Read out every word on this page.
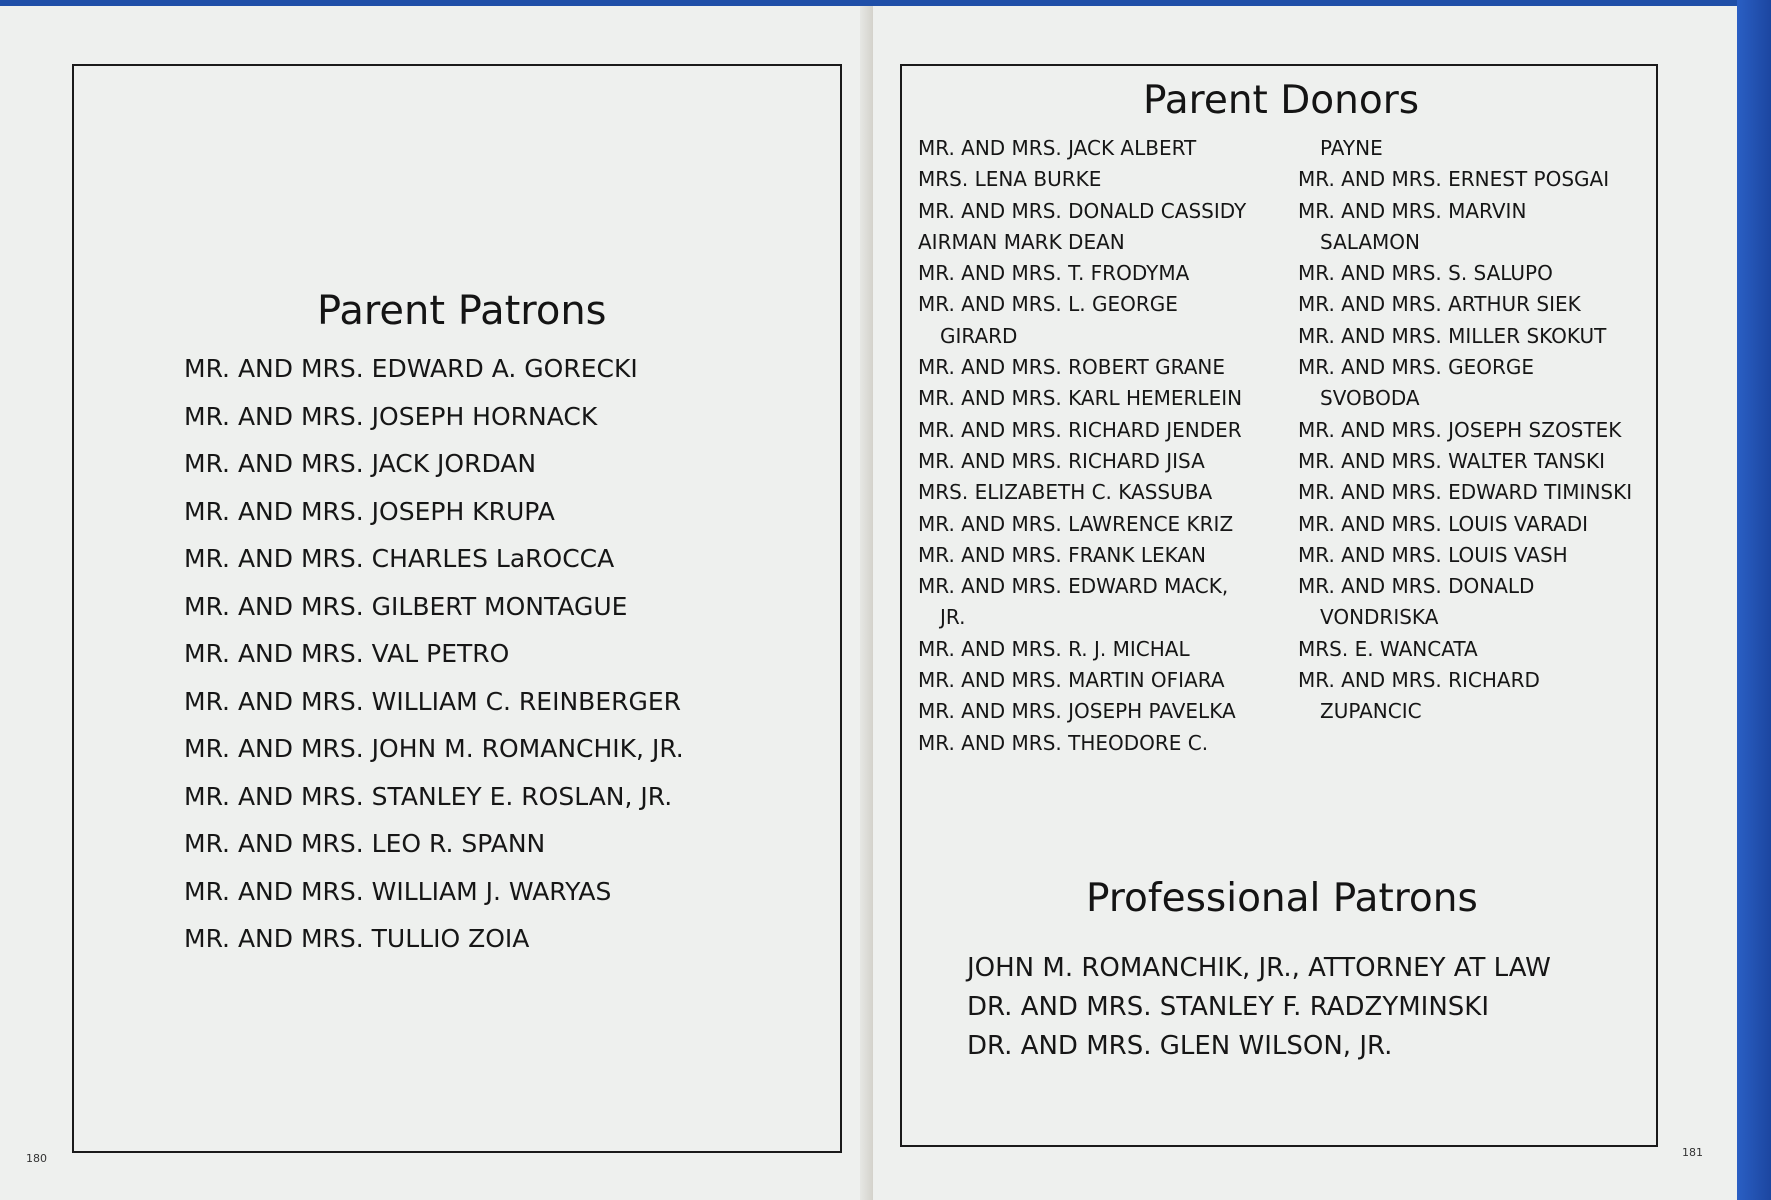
Parent Patrons
MR. AND MRS. EDWARD A. GORECKI
MR. AND MRS. JOSEPH HORNACK
MR. AND MRS. JACK JORDAN
MR. AND MRS. JOSEPH KRUPA
MR. AND MRS. CHARLES LaROCCA
MR. AND MRS. GILBERT MONTAGUE
MR. AND MRS. VAL PETRO
MR. AND MRS. WILLIAM C. REINBERGER
MR. AND MRS. JOHN M. ROMANCHIK, JR.
MR. AND MRS. STANLEY E. ROSLAN, JR.
MR. AND MRS. LEO R. SPANN
MR. AND MRS. WILLIAM J. WARYAS
MR. AND MRS. TULLIO ZOIA
180
Parent Donors
MR. AND MRS. JACK ALBERT
MRS. LENA BURKE
MR. AND MRS. DONALD CASSIDY
AIRMAN MARK DEAN
MR. AND MRS. T. FRODYMA
MR. AND MRS. L. GEORGE
GIRARD
MR. AND MRS. ROBERT GRANE
MR. AND MRS. KARL HEMERLEIN
MR. AND MRS. RICHARD JENDER
MR. AND MRS. RICHARD JISA
MRS. ELIZABETH C. KASSUBA
MR. AND MRS. LAWRENCE KRIZ
MR. AND MRS. FRANK LEKAN
MR. AND MRS. EDWARD MACK,
JR.
MR. AND MRS. R. J. MICHAL
MR. AND MRS. MARTIN OFIARA
MR. AND MRS. JOSEPH PAVELKA
MR. AND MRS. THEODORE C.
PAYNE
MR. AND MRS. ERNEST POSGAI
MR. AND MRS. MARVIN
SALAMON
MR. AND MRS. S. SALUPO
MR. AND MRS. ARTHUR SIEK
MR. AND MRS. MILLER SKOKUT
MR. AND MRS. GEORGE
SVOBODA
MR. AND MRS. JOSEPH SZOSTEK
MR. AND MRS. WALTER TANSKI
MR. AND MRS. EDWARD TIMINSKI
MR. AND MRS. LOUIS VARADI
MR. AND MRS. LOUIS VASH
MR. AND MRS. DONALD
VONDRISKA
MRS. E. WANCATA
MR. AND MRS. RICHARD
ZUPANCIC
Professional Patrons
JOHN M. ROMANCHIK, JR., ATTORNEY AT LAW
DR. AND MRS. STANLEY F. RADZYMINSKI
DR. AND MRS. GLEN WILSON, JR.
181
